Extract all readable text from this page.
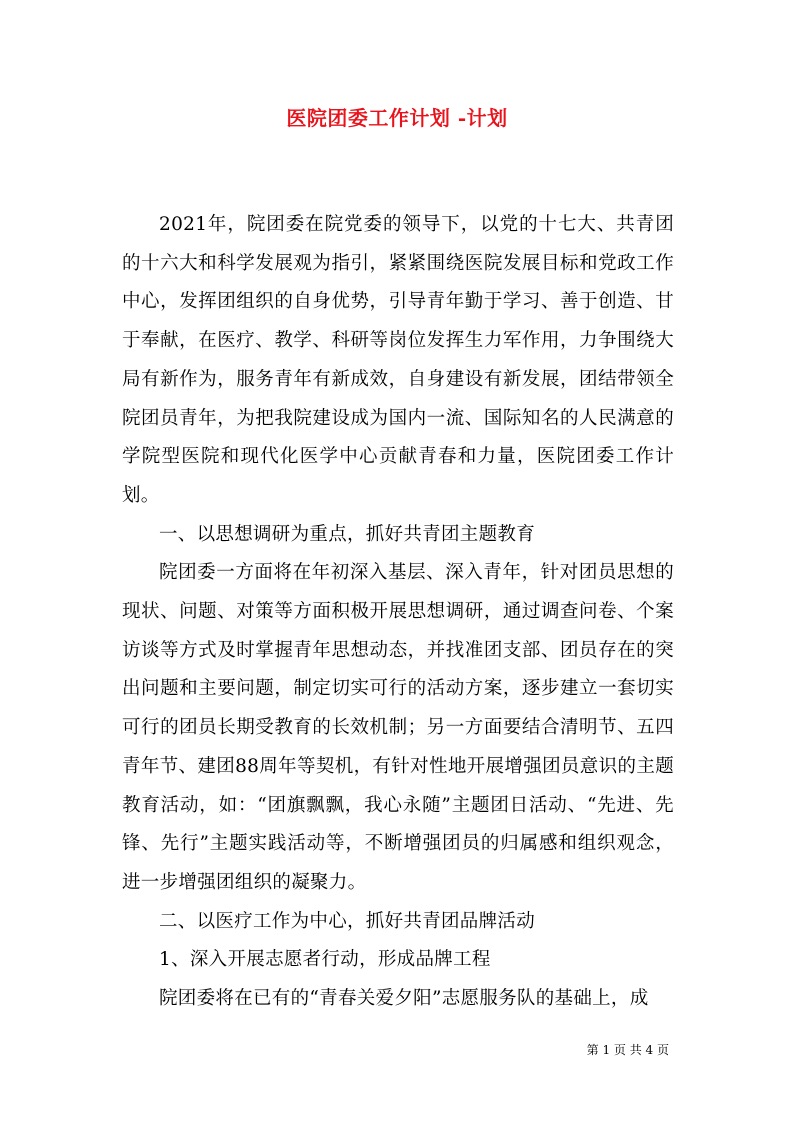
医院团委工作计划 -计划

2021年，院团委在院党委的领导下，以党的十七大、共青团的十六大和科学发展观为指引，紧紧围绕医院发展目标和党政工作中心，发挥团组织的自身优势，引导青年勤于学习、善于创造、甘于奉献，在医疗、教学、科研等岗位发挥生力军作用，力争围绕大局有新作为，服务青年有新成效，自身建设有新发展，团结带领全院团员青年，为把我院建设成为国内一流、国际知名的人民满意的学院型医院和现代化医学中心贡献青春和力量，医院团委工作计划。

一、以思想调研为重点，抓好共青团主题教育

院团委一方面将在年初深入基层、深入青年，针对团员思想的现状、问题、对策等方面积极开展思想调研，通过调查问卷、个案访谈等方式及时掌握青年思想动态，并找准团支部、团员存在的突出问题和主要问题，制定切实可行的活动方案，逐步建立一套切实可行的团员长期受教育的长效机制；另一方面要结合清明节、五四青年节、建团88周年等契机，有针对性地开展增强团员意识的主题教育活动，如：“团旗飘飘，我心永随”主题团日活动、“先进、先锋、先行”主题实践活动等，不断增强团员的归属感和组织观念，进一步增强团组织的凝聚力。

二、以医疗工作为中心，抓好共青团品牌活动

1、深入开展志愿者行动，形成品牌工程

院团委将在已有的“青春关爱夕阳”志愿服务队的基础上，成

第 1 页 共 4 页
